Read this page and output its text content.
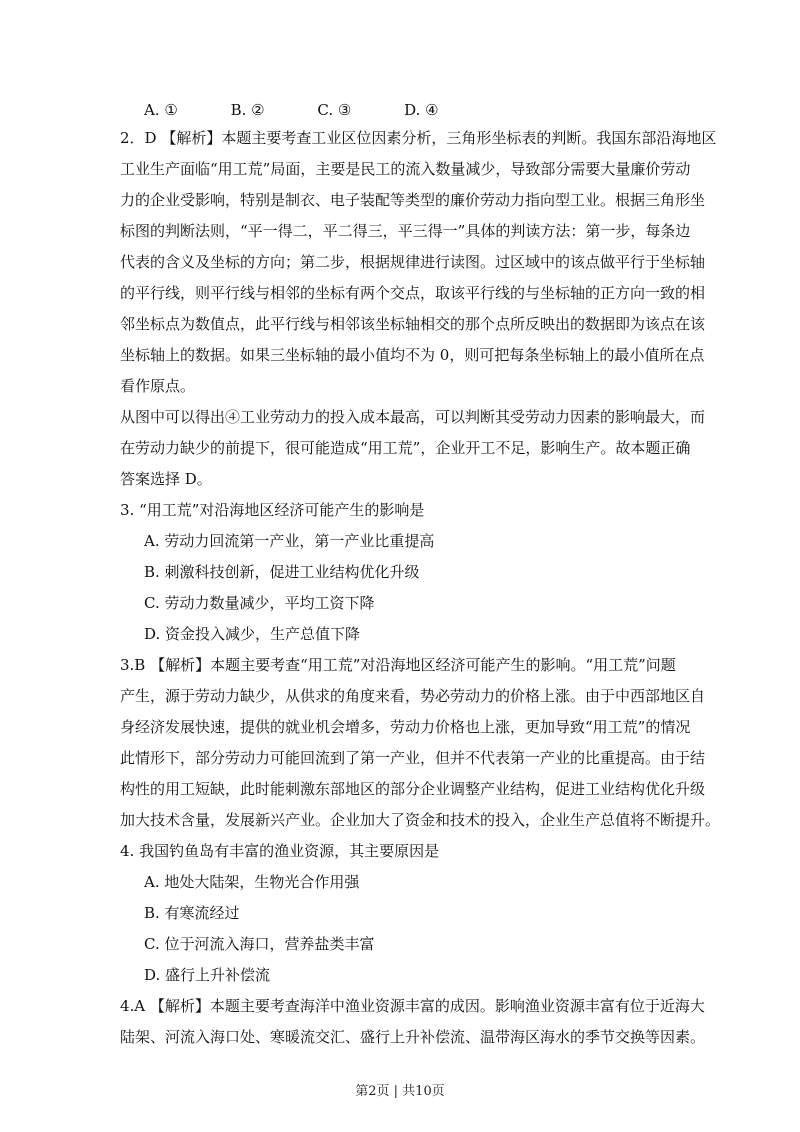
A. ①	B. ②	C. ③	D. ④
2．D 【解析】本题主要考查工业区位因素分析，三角形坐标表的判断。我国东部沿海地区
工业生产面临“用工荒”局面，主要是民工的流入数量减少，导致部分需要大量廉价劳动
力的企业受影响，特别是制衣、电子装配等类型的廉价劳动力指向型工业。根据三角形坐
标图的判断法则，“平一得二，平二得三，平三得一”具体的判读方法：第一步，每条边
代表的含义及坐标的方向；第二步，根据规律进行读图。过区域中的该点做平行于坐标轴
的平行线，则平行线与相邻的坐标有两个交点，取该平行线的与坐标轴的正方向一致的相
邻坐标点为数值点，此平行线与相邻该坐标轴相交的那个点所反映出的数据即为该点在该
坐标轴上的数据。如果三坐标轴的最小值均不为 0，则可把每条坐标轴上的最小值所在点
看作原点。
从图中可以得出④工业劳动力的投入成本最高，可以判断其受劳动力因素的影响最大，而
在劳动力缺少的前提下，很可能造成“用工荒”，企业开工不足，影响生产。故本题正确
答案选择 D。
3. “用工荒”对沿海地区经济可能产生的影响是
A. 劳动力回流第一产业，第一产业比重提高
B. 刺激科技创新，促进工业结构优化升级
C. 劳动力数量减少，平均工资下降
D. 资金投入减少，生产总值下降
3.B 【解析】本题主要考查“用工荒”对沿海地区经济可能产生的影响。“用工荒”问题
产生，源于劳动力缺少，从供求的角度来看，势必劳动力的价格上涨。由于中西部地区自
身经济发展快速，提供的就业机会增多，劳动力价格也上涨，更加导致“用工荒”的情况
此情形下，部分劳动力可能回流到了第一产业，但并不代表第一产业的比重提高。由于结
构性的用工短缺，此时能刺激东部地区的部分企业调整产业结构，促进工业结构优化升级
加大技术含量，发展新兴产业。企业加大了资金和技术的投入，企业生产总值将不断提升。
4. 我国钓鱼岛有丰富的渔业资源，其主要原因是
A. 地处大陆架，生物光合作用强
B. 有寒流经过
C. 位于河流入海口，营养盐类丰富
D. 盛行上升补偿流
4.A 【解析】本题主要考查海洋中渔业资源丰富的成因。影响渔业资源丰富有位于近海大
陆架、河流入海口处、寒暖流交汇、盛行上升补偿流、温带海区海水的季节交换等因素。
第2页 | 共10页
